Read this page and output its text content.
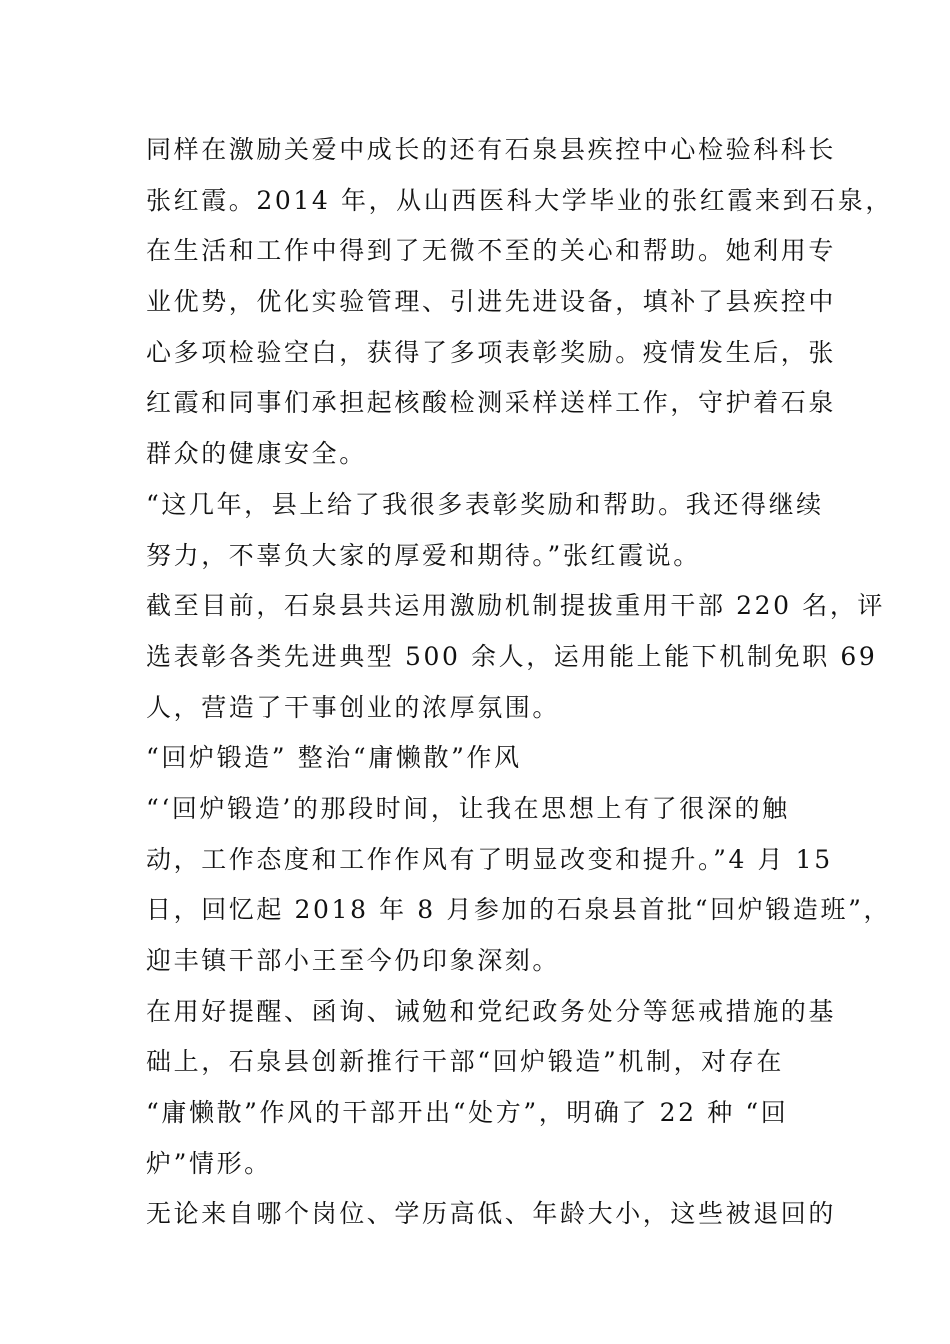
同样在激励关爱中成长的还有石泉县疾控中心检验科科长
张红霞。2014 年，从山西医科大学毕业的张红霞来到石泉，
在生活和工作中得到了无微不至的关心和帮助。她利用专
业优势，优化实验管理、引进先进设备，填补了县疾控中
心多项检验空白，获得了多项表彰奖励。疫情发生后，张
红霞和同事们承担起核酸检测采样送样工作，守护着石泉
群众的健康安全。
“这几年，县上给了我很多表彰奖励和帮助。我还得继续
努力，不辜负大家的厚爱和期待。”张红霞说。
截至目前，石泉县共运用激励机制提拔重用干部 220 名，评
选表彰各类先进典型 500 余人，运用能上能下机制免职 69
人，营造了干事创业的浓厚氛围。
“回炉锻造” 整治“庸懒散”作风
“‘回炉锻造’的那段时间，让我在思想上有了很深的触
动，工作态度和工作作风有了明显改变和提升。”4 月 15
日，回忆起 2018 年 8 月参加的石泉县首批“回炉锻造班”，
迎丰镇干部小王至今仍印象深刻。
在用好提醒、函询、诫勉和党纪政务处分等惩戒措施的基
础上，石泉县创新推行干部“回炉锻造”机制，对存在
“庸懒散”作风的干部开出“处方”，明确了 22 种 “回
炉”情形。
无论来自哪个岗位、学历高低、年龄大小，这些被退回的
